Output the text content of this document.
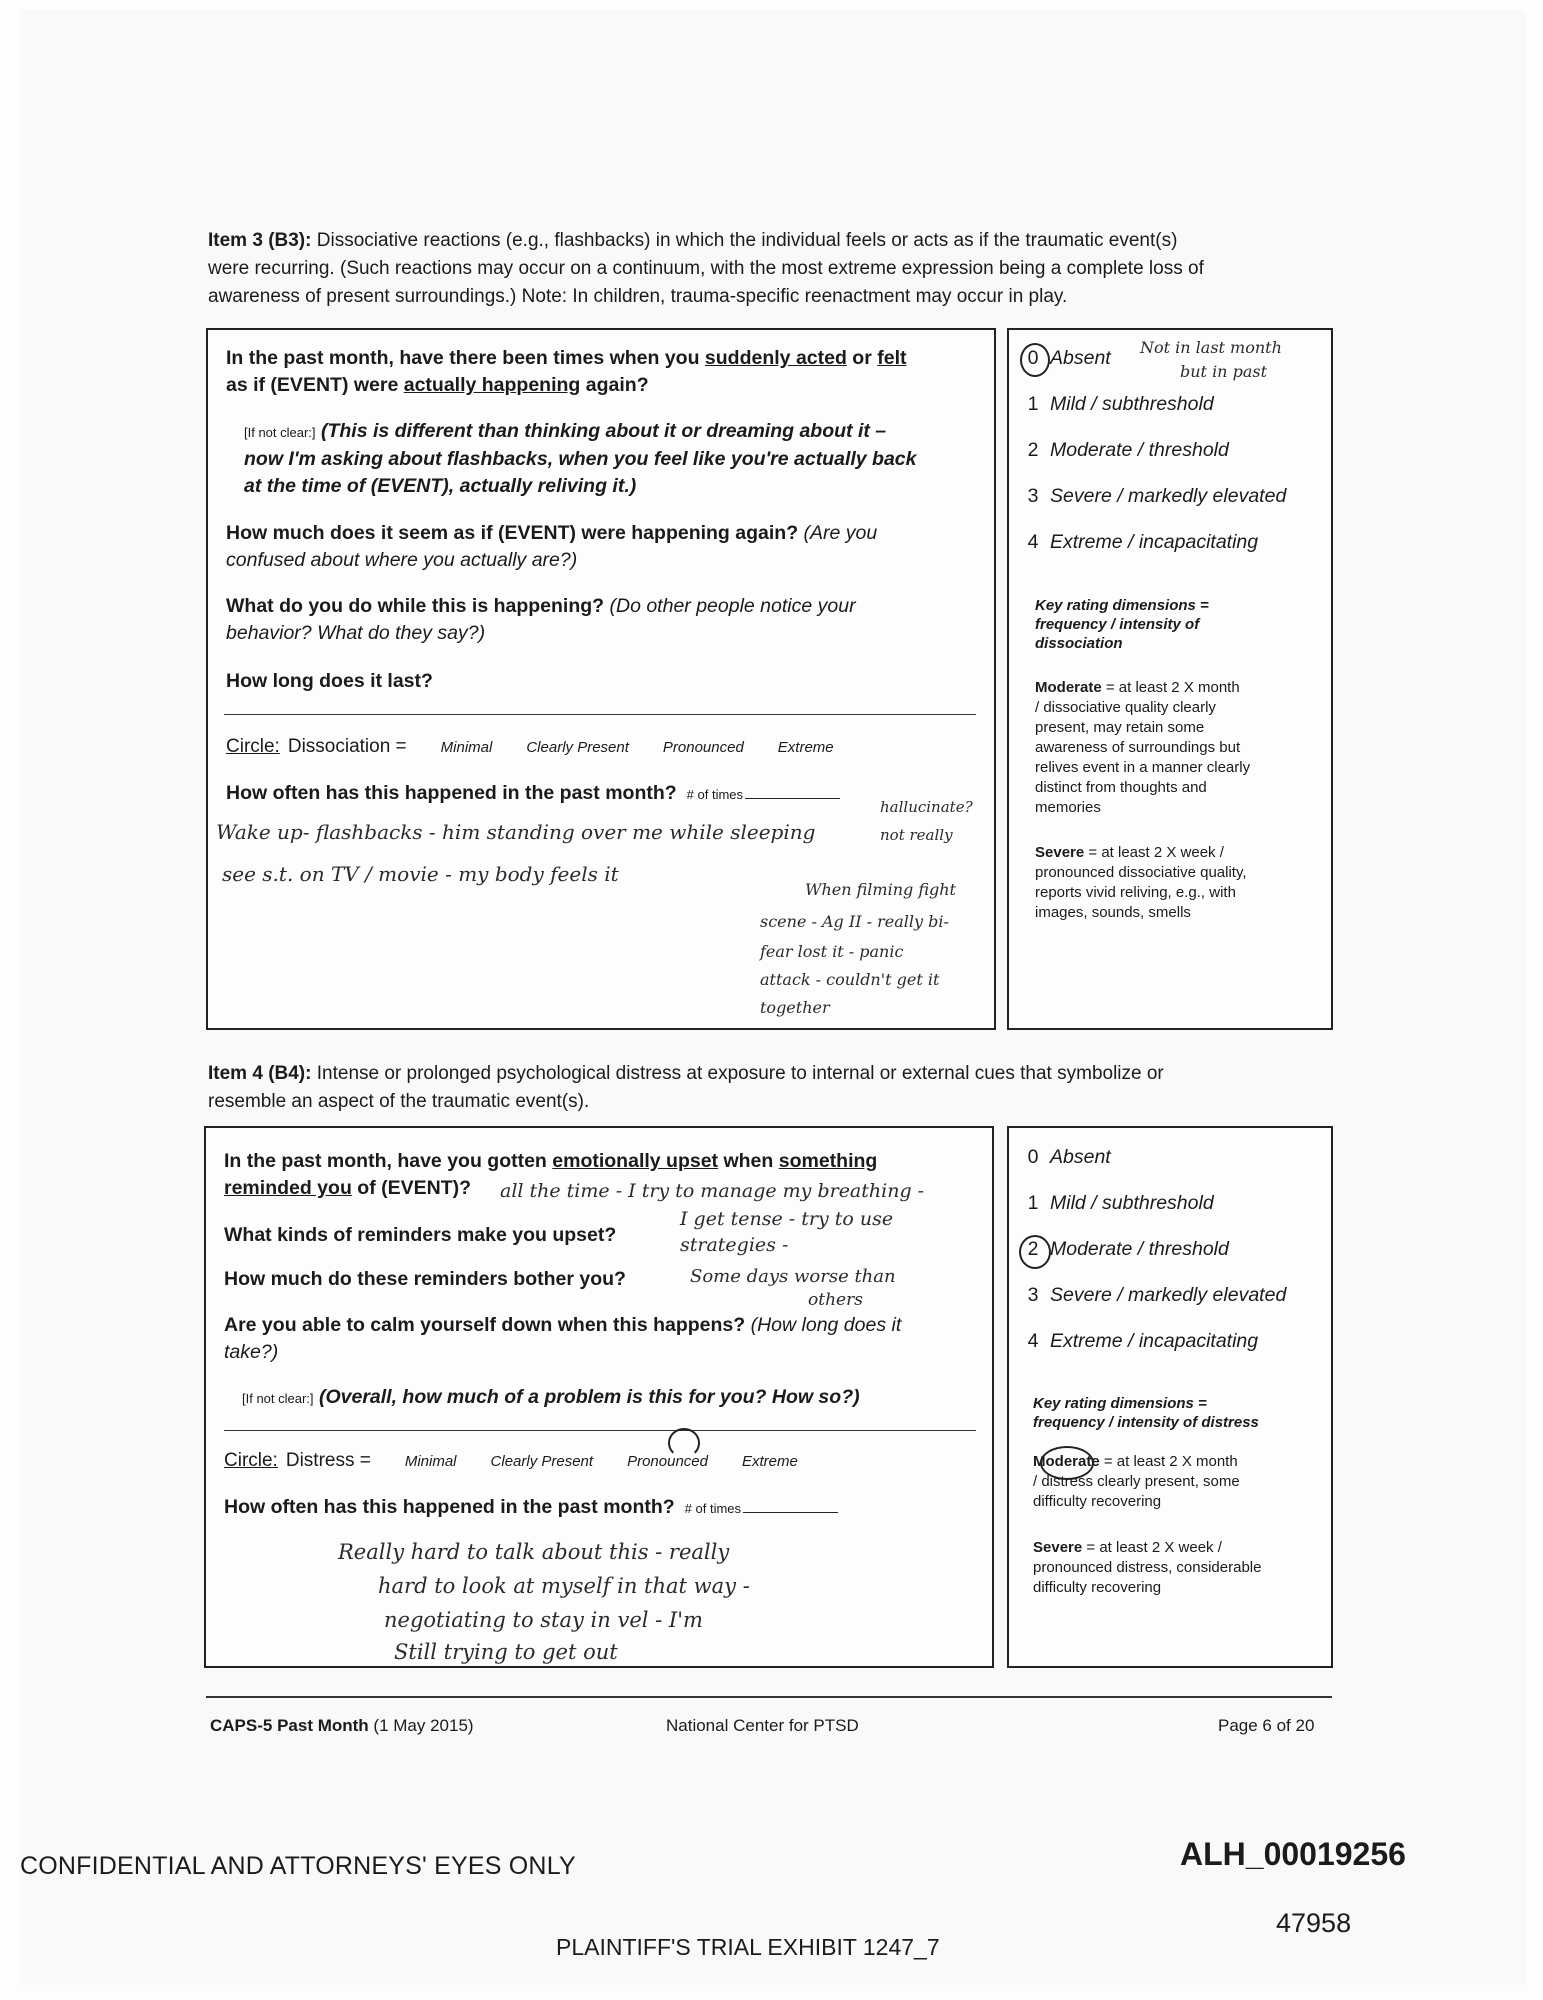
Item 3 (B3): Dissociative reactions (e.g., flashbacks) in which the individual feels or acts as if the traumatic event(s)
were recurring. (Such reactions may occur on a continuum, with the most extreme expression being a complete loss of
awareness of present surroundings.) Note: In children, trauma-specific reenactment may occur in play.
In the past month, have there been times when you suddenly acted or felt
as if (EVENT) were actually happening again?
[If not clear:] (This is different than thinking about it or dreaming about it –
now I'm asking about flashbacks, when you feel like you're actually back
at the time of (EVENT), actually reliving it.)
How much does it seem as if (EVENT) were happening again? (Are you
confused about where you actually are?)
What do you do while this is happening? (Do other people notice your
behavior? What do they say?)
How long does it last?
Circle: Dissociation = Minimal Clearly Present Pronounced Extreme
How often has this happened in the past month? # of times
0 Absent
1 Mild / subthreshold
2 Moderate / threshold
3 Severe / markedly elevated
4 Extreme / incapacitating
Key rating dimensions =
frequency / intensity of
dissociation
Moderate = at least 2 X month
/ dissociative quality clearly
present, may retain some
awareness of surroundings but
relives event in a manner clearly
distinct from thoughts and
memories
Severe = at least 2 X week /
pronounced dissociative quality,
reports vivid reliving, e.g., with
images, sounds, smells
Not in last month
but in past
Wake up- flashbacks - him standing over me while sleeping
hallucinate?
not really
see s.t. on TV / movie - my body feels it
When filming fight
scene - Ag II - really bi-
fear lost it - panic
attack - couldn't get it
together
Item 4 (B4): Intense or prolonged psychological distress at exposure to internal or external cues that symbolize or
resemble an aspect of the traumatic event(s).
In the past month, have you gotten emotionally upset when something
reminded you of (EVENT)?
What kinds of reminders make you upset?
How much do these reminders bother you?
Are you able to calm yourself down when this happens? (How long does it
take?)
[If not clear:] (Overall, how much of a problem is this for you? How so?)
Circle: Distress = Minimal Clearly Present Pronounced Extreme
How often has this happened in the past month? # of times
0 Absent
1 Mild / subthreshold
2 Moderate / threshold
3 Severe / markedly elevated
4 Extreme / incapacitating
Key rating dimensions =
frequency / intensity of distress
Moderate = at least 2 X month
/ distress clearly present, some
difficulty recovering
Severe = at least 2 X week /
pronounced distress, considerable
difficulty recovering
all the time - I try to manage my breathing -
I get tense - try to use
strategies -
Some days worse than
others
Really hard to talk about this - really
hard to look at myself in that way -
negotiating to stay in vel - I'm
Still trying to get out
CAPS-5 Past Month (1 May 2015)	National Center for PTSD	Page 6 of 20
CONFIDENTIAL AND ATTORNEYS' EYES ONLY	ALH_00019256
47958
PLAINTIFF'S TRIAL EXHIBIT 1247_7
